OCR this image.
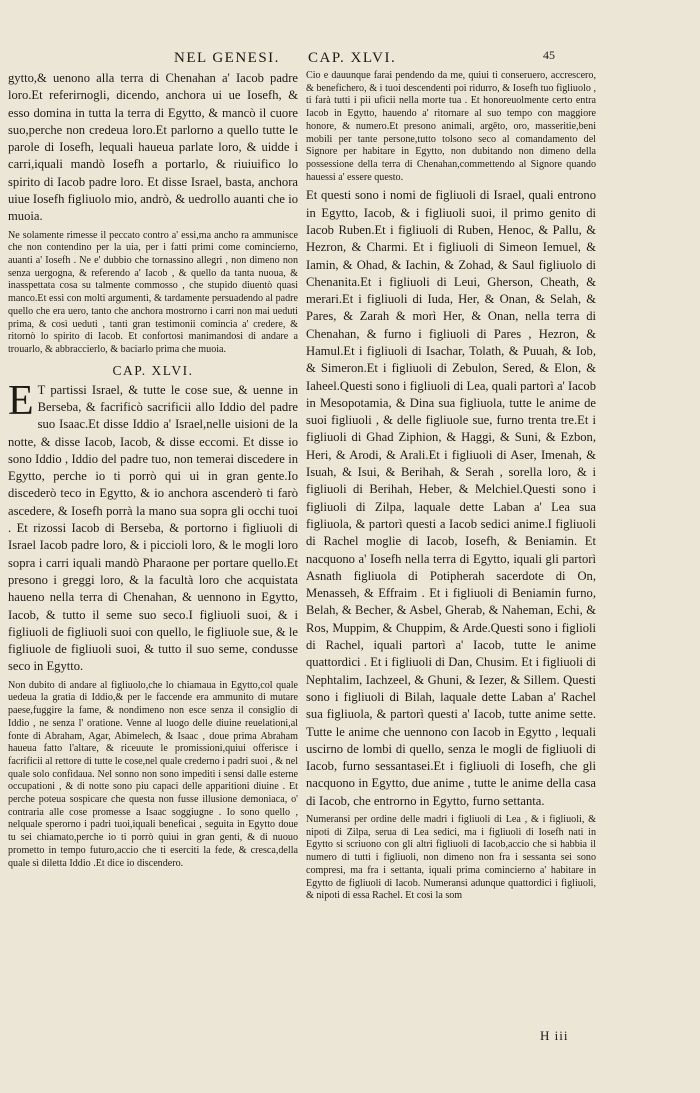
NEL GENESI. CAP. XLVI.	45

gytto,& uenono alla terra di Chenahan a' Iacob padre loro.Et referirnogli, dicendo, anchora ui ue Iosefh, & esso domina in tutta la terra di Egytto, & mancò il cuore suo,perche non credeua loro.Et parlorno a quello tutte le parole di Iosefh, lequali haueua parlate loro, & uidde i carri,iquali mandò Iosefh a portarlo, & riuiuifico lo spirito di Iacob padre loro. Et disse Israel, basta, anchora uiue Iosefh figliuolo mio, andrò, & uedrollo auanti che io muoia.

Ne solamente rimesse il peccato contro a' essi,ma ancho ra ammunisce che non contendino per la uia, per i fatti primi come comincierno, auanti a' Iosefh . Ne e' dubbio che tornassino allegri , non dimeno non senza uergogna, & referendo a' Iacob , & quello da tanta nuoua, & inasspettata cosa su talmente commosso , che stupido diuentò quasi manco.Et essi con molti argumenti, & tardamente persuadendo al padre quello che era uero, tanto che anchora mostrorno i carri non mai ueduti prima, & così ueduti , tanti gran testimonii comincia a' credere, & ritornò lo spirito di Iacob. Et confortosi manimandosi di andare a trouarlo, & abbraccierlo, & baciarlo prima che muoia.

CAP. XLVI.

E T partissi Israel, & tutte le cose sue, & uenne in Berseba, & facrificò sacrificii allo Iddio del padre suo Isaac.Et disse Iddio a' Israel,nelle uisioni de la notte, & disse Iacob, Iacob, & disse eccomi. Et disse io sono Iddio , Iddio del padre tuo, non temerai discedere in Egytto, perche io ti porrò qui ui in gran gente.Io discederò teco in Egytto, & io anchora ascenderò ti farò ascedere, & Iosefh porrà la mano sua sopra gli occhi tuoi . Et rizossi Iacob di Berseba, & portorno i figliuoli di Israel Iacob padre loro, & i piccioli loro, & le mogli loro sopra i carri iquali mandò Pharaone per portare quello.Et presono i greggi loro, & la facultà loro che acquistata haueno nella terra di Chenahan, & uennono in Egytto, Iacob, & tutto il seme suo seco.I figliuoli suoi, & i figliuoli de figliuoli suoi con quello, le figliuole sue, & le figliuole de figliuoli suoi, & tutto il suo seme, condusse seco in Egytto.

Non dubito di andare al figliuolo,che lo chiamaua in Egytto,col quale uedeua la gratia di Iddio,& per le faccende era ammunito di mutare paese,fuggire la fame, & nondimeno non esce senza il consiglio di Iddio , ne senza l' oratione. Venne al luogo delle diuine reuelationi,al fonte di Abraham, Agar, Abimelech, & Isaac , doue prima Abraham haueua fatto l'altare, & riceuute le promissioni,quiui offerisce i facrificii al rettore di tutte le cose,nel quale crederno i padri suoi , & nel quale solo confidaua. Nel sonno non sono impediti i sensi dalle esterne occupationi , & di notte sono piu capaci delle apparitioni diuine . Et perche poteua sospicare che questa non fusse illusione demoniaca, o' contraria alle cose promesse a Isaac soggiugne . Io sono quello , nelquale sperorno i padri tuoi,iquali beneficai , seguita in Egytto doue tu sei chiamato,perche io ti porrò quiui in gran genti, & di nuouo prometto in tempo futuro,accio che ti eserciti la fede, & cresca,della quale sì diletta Iddio .Et dice io discendero.

Cio e dauunque farai pendendo da me, quiui ti conseruero, accrescero, & benefichero, & i tuoi descendenti poi ridurro, & Iosefh tuo figliuolo , ti farà tutti i pii uficii nella morte tua . Et honoreuolmente certo entra Iacob in Egytto, hauendo a' ritornare al suo tempo con maggiore honore, & numero.Et presono animali, argēto, oro, masseritie,beni mobili per tante persone,tutto tolsono seco al comandamento del Signore per habitare in Egytto, non dubitando non dimeno della possessione della terra di Chenahan,commettendo al Signore quando hauessi a' essere questo.

Et questi sono i nomi de figliuoli di Israel, quali entrono in Egytto, Iacob, & i figliuoli suoi, il primo genito di Iacob Ruben.Et i figliuoli di Ruben, Henoc, & Pallu, & Hezron, & Charmi. Et i figliuoli di Simeon Iemuel, & Iamin, & Ohad, & Iachin, & Zohad, & Saul figliuolo di Chenanita.Et i figliuoli di Leui, Gherson, Cheath, & merari.Et i figliuoli di Iuda, Her, & Onan, & Selah, & Pares, & Zarah & morì Her, & Onan, nella terra di Chenahan, & furno i figliuoli di Pares , Hezron, & Hamul.Et i figliuoli di Isachar, Tolath, & Puuah, & Iob, & Simeron.Et i figliuoli di Zebulon, Sered, & Elon, & Iaheel.Questi sono i figliuoli di Lea, quali partorì a' Iacob in Mesopotamia, & Dina sua figliuola, tutte le anime de suoi figliuoli , & delle figliuole sue, furno trenta tre.Et i figliuoli di Ghad Ziphion, & Haggi, & Suni, & Ezbon, Heri, & Arodi, & Arali.Et i figliuoli di Aser, Imenah, & Isuah, & Isui, & Berihah, & Serah , sorella loro, & i figliuoli di Berihah, Heber, & Melchiel.Questi sono i figliuoli di Zilpa, laquale dette Laban a' Lea sua figliuola, & partorì questi a Iacob sedici anime.I figliuoli di Rachel moglie di Iacob, Iosefh, & Beniamin. Et nacquono a' Iosefh nella terra di Egytto, iquali gli partorì Asnath figliuola di Potipherah sacerdote di On, Menasseh, & Effraim . Et i figliuoli di Beniamin furno, Belah, & Becher, & Asbel, Gherab, & Naheman, Echi, & Ros, Muppim, & Chuppim, & Arde.Questi sono i figlioli di Rachel, iquali partorì a' Iacob, tutte le anime quattordici . Et i figliuoli di Dan, Chusim. Et i figliuoli di Nephtalim, Iachzeel, & Ghuni, & Iezer, & Sillem. Questi sono i figliuoli di Bilah, laquale dette Laban a' Rachel sua figliuola, & partorì questi a' Iacob, tutte anime sette. Tutte le anime che uennono con Iacob in Egytto , lequali uscirno de lombi di quello, senza le mogli de figliuoli di Iacob, furno sessantasei.Et i figliuoli di Iosefh, che gli nacquono in Egytto, due anime , tutte le anime della casa di Iacob, che entrorno in Egytto, furno settanta.

Numeransi per ordine delle madri i figliuoli di Lea , & i figliuoli, & nipoti di Zilpa, serua di Lea sedici, ma i figliuoli di Iosefh nati in Egytto si scriuono con gli altri figliuoli di Iacob,accio che si habbia il numero di tutti i figliuoli, non dimeno non fra i sessanta sei sono compresi, ma fra i settanta, iquali prima comincierno a' habitare in Egytto de figliuoli di Iacob. Numeransi adunque quattordici i figliuoli, & nipoti di essa Rachel. Et così la som

H iii
